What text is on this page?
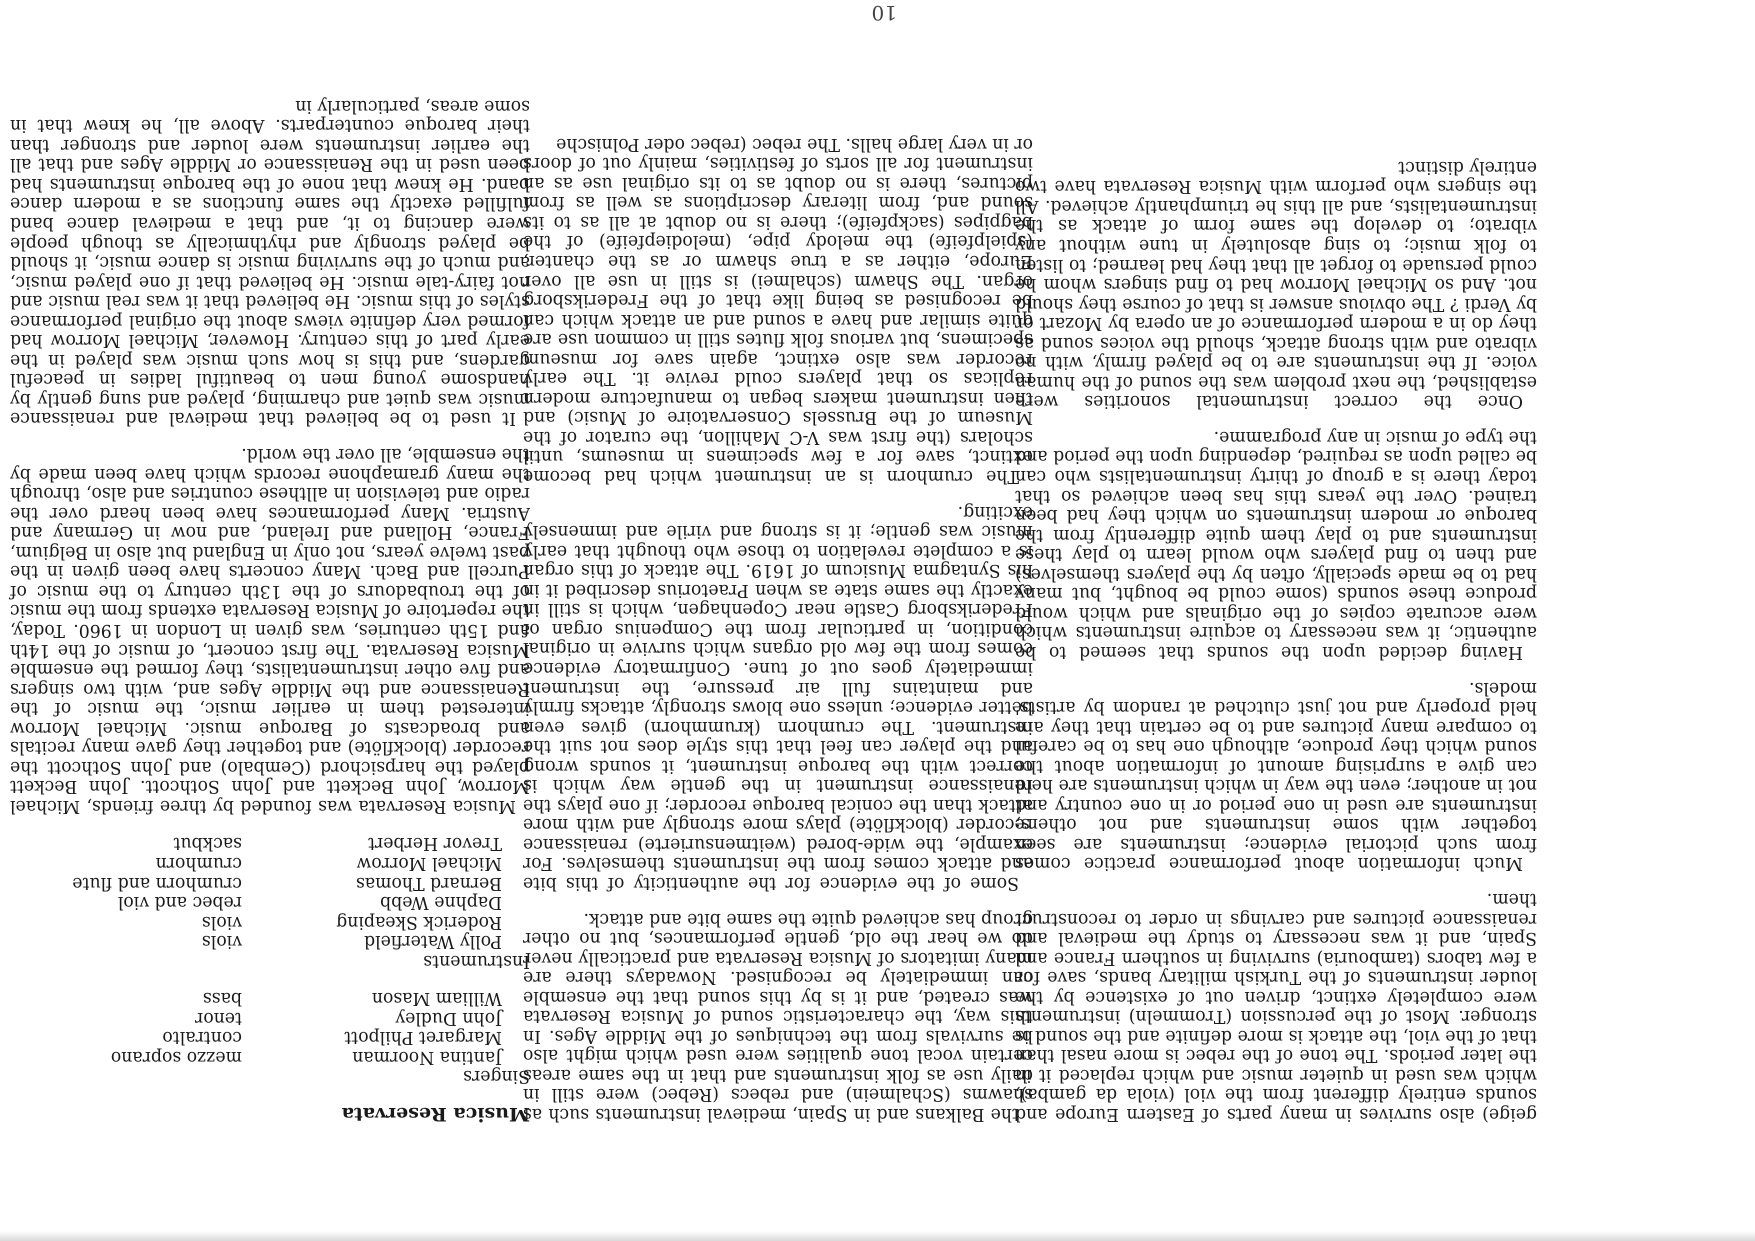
10
Musica Reservata
Singers
Jantina Noorman
mezzo soprano
Margaret Philpott
contralto
John Dudley
tenor
William Mason
bass
Instruments
Polly Waterfield
viols
Roderick Skeaping
viols
Daphne Webb
rebec and viol
Bernard Thomas
crumhorn and flute
Michael Morrow
crumhorn
Trevor Herbert
sackbut

Musica Reservata was founded by three friends, Michael Morrow, John Beckett and John Sothcott. John Beckett played the harpsichord (Cembalo) and John Sothcott the recorder (blockflöte) and together they gave many recitals and broadcasts of Baroque music. Michael Morrow interested them in earlier music, the music of the Renaissance and the Middle Ages and, with two singers and five other instrumentalists, they formed the ensemble Musica Reservata. The first concert, of music of the 14th and 15th centuries, was given in London in 1960. Today, the repertoire of Musica Reservata extends from the music of the troubadours of the 13th century to the music of Purcell and Bach. Many concerts have been given in the past twelve years, not only in England but also in Belgium, France, Holland and Ireland, and now in Germany and Austria. Many performances have been heard over the radio and television in allthese countries and also, through the many gramaphone records which have been made by the ensemble, all over the world.

It used to be believed that medieval and renaissance music was quiet and charming, played and sung gently by handsome young men to beautiful ladies in peaceful gardens, and this is how such music was played in the early part of this century. However, Michael Morrow had formed very definite views about the original performance styles of this music. He believed that it was real music and not fairy-tale music. He believed that if one played music, and much of the surviving music is dance music, it should be played strongly and rhythmically as though people were dancing to it, and that a medieval dance band fulfilled exactly the same functions as a modern dance band. He knew that none of the baroque instruments had been used in the Renaissance or Middle Ages and that all the earlier instruments were louder and stronger than their baroque counterparts. Above all, he knew that in some areas, particularly in

the Balkans and in Spain, medieval instruments such as shawms (Schalmein) and rebecs (Rebec) were still in daily use as folk instruments and that in the same areas certain vocal tone qualities were used which might also be survivals from the techniques of the Middle Ages. In this way, the characteristic sound of Musica Reservata was created, and it is by this sound that the ensemble can immediately be recognised. Nowadays there are many imitators of Musica Reservata and practically never do we hear the old, gentle performances, but no other group has achieved quite the same bite and attack.

Some of the evidence for the authenticity of this bite and attack comes from the instruments themselves. For example, the wide-bored (weitmensurierte) renaissance recorder (blockflöte) plays more strongly and with more attack than the conical baroque recorder; if one plays the renaissance instrument in the gentle way which is correct with the baroque instrument, it sounds wrong and the player can feel that this style does not suit the instrument. The crumhorn (krummhorn) gives even better evidence; unless one blows strongly, attacks firmly and maintains full air pressure, the instrument immediately goes out of tune. Confirmatory evidence comes from the few old organs which survive in original condition, in particular from the Compenius organ of Frederiksborg Castle near Copenhagen, which is still in exactly the same state as when Praetorius described it in his Syntagma Musicum of 1619. The attack of this organ is a complete revelation to those who thought that early music was gentle; it is strong and virile and immensely exciting.

The crumhorn is an instrument which had become extinct, save for a few specimens in museums, until scholars (the first was V-C Mahillon, the curator of the Museum of the Brussels Conservatoire of Music) and then instrument makers began to manufacture modern replicas so that players could revive it. The early recorder was also extinct, again save for museum specimens, but various folk flutes still in common use are quite similar and have a sound and an attack which can be recognised as being like that of the Frederiksborg organ. The Shawm (schalmei) is still in use all over Europe, either as a true shawm or as the chanter, (spielpfeife) the melody pipe, (melodiepfeife) of the bagpipes (sackpfeife); there is no doubt at all as to its sound and, from literary descriptions as well as from pictures, there is no doubt as to its original use as an instrument for all sorts of festivities, mainly out of doors or in very large halls. The rebec (rebec oder Polnische

geige) also survives in many parts of Eastern Europe and sounds entirely different from the viol (viola da gamba), which was used in quieter music and which replaced it in the later periods. The tone of the rebec is more nasal than that of the viol, the attack is more definite and the sound is stronger. Most of the percussion (Trommeln) instruments were completely extinct, driven out of existence by the louder instruments of the Turkish military bands, save for a few tabors (tambouria) surviving in southern France and Spain, and it was necessary to study the medieval and renaissance pictures and carvings in order to reconstruct them.

Much information about performance practice comes from such pictorial evidence; instruments are seen together with some instruments and not others; instruments are used in one period or in one country and not in another; even the way in which instruments are held can give a surprising amount of information about the sound which they produce, although one has to be careful to compare many pictures and to be certain that they are held properly and not just clutched at random by artists' models.

Having decided upon the sounds that seemed to be authentic, it was necessary to acquire instruments which were accurate copies of the originals and which would produce these sounds (some could be bought, but many had to be made specially, often by the players themselves) and then to find players who would learn to play these instruments and to play them quite differently from the baroque or modern instruments on which they had been trained. Over the years this has been achieved so that today there is a group of thirty instrumentalists who can be called upon as required, depending upon the period and the type of music in any programme.

Once the correct instrumental sonorities were established, the next problem was the sound of the human voice. If the instruments are to be played firmly, with no vibrato and with strong attack, should the voices sound as they do in a modern performance of an opera by Mozart or by Verdi ? The obvious answer is that of course they should not. And so Michael Morrow had to find singers whom he could persuade to forget all that they had learned; to listen to folk music; to sing absolutely in tune without any vibrato; to develop the same form of attack as the instrumentalists, and all this he triumphantly achieved. All the singers who perform with Musica Reservata have two entirely distinct
